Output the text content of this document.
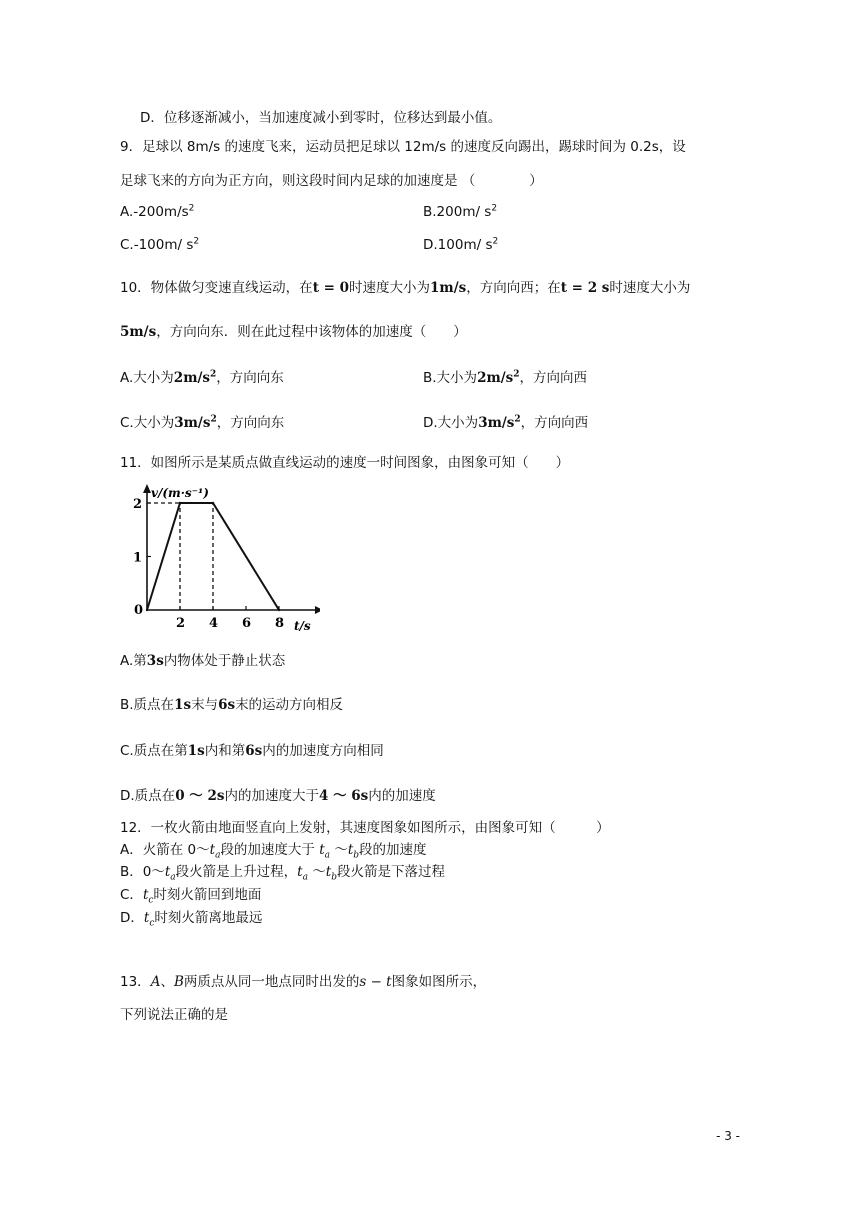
D．位移逐渐减小，当加速度减小到零时，位移达到最小值。
9．足球以 8m/s 的速度飞来，运动员把足球以 12m/s 的速度反向踢出，踢球时间为 0.2s，设
足球飞来的方向为正方向，则这段时间内足球的加速度是 （　　　　）
$A.-200m/s^2$	B.200m/ $s^2$
C.-100m/ $s^2$	D.100m/ $s^2$
10．物体做匀变速直线运动，在t = 0时速度大小为1m/s，方向向西；在t = 2 s时速度大小为
5m/s，方向向东．则在此过程中该物体的加速度（　　）
A.大小为$2m/s^2$，方向向东	B.大小为$2m/s^2$，方向向西
C.大小为$3m/s^2$，方向向东	D.大小为$3m/s^2$，方向向西
11．如图所示是某质点做直线运动的速度一时间图象，由图象可知（　　）
v/(m·s⁻¹)
t/s
0
2 4 6 8
1
2
A.第3s内物体处于静止状态
B.质点在1s末与6s末的运动方向相反
C.质点在第1s内和第6s内的加速度方向相同
D.质点在0 ～ 2s内的加速度大于4 ～ 6s内的加速度
12．一枚火箭由地面竖直向上发射，其速度图象如图所示，由图象可知（　　　）
A．火箭在 $0\sim t_a$段的加速度大于 $t_a$ $\sim t_b$段的加速度
B．$0\sim t_a$段火箭是上升过程，$t_a$ $\sim t_b$段火箭是下落过程
C．$t_c$时刻火箭回到地面
D．$t_c$时刻火箭离地最远
13．A、B两质点从同一地点同时出发的s − t图象如图所示，
下列说法正确的是
- 3 -
